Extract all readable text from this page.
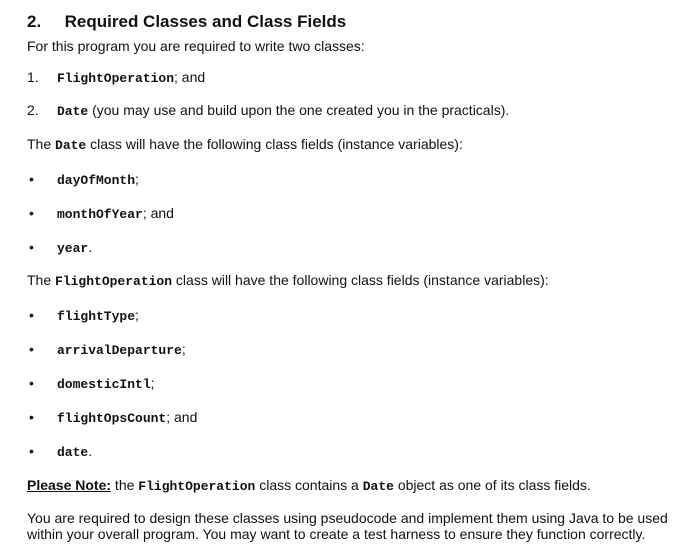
2. Required Classes and Class Fields
For this program you are required to write two classes:
1. FlightOperation; and
2. Date (you may use and build upon the one created you in the practicals).
The Date class will have the following class fields (instance variables):
• dayOfMonth;
• monthOfYear; and
• year.
The FlightOperation class will have the following class fields (instance variables):
• flightType;
• arrivalDeparture;
• domesticIntl;
• flightOpsCount; and
• date.
Please Note: the FlightOperation class contains a Date object as one of its class fields.
You are required to design these classes using pseudocode and implement them using Java to be used
within your overall program. You may want to create a test harness to ensure they function correctly.
